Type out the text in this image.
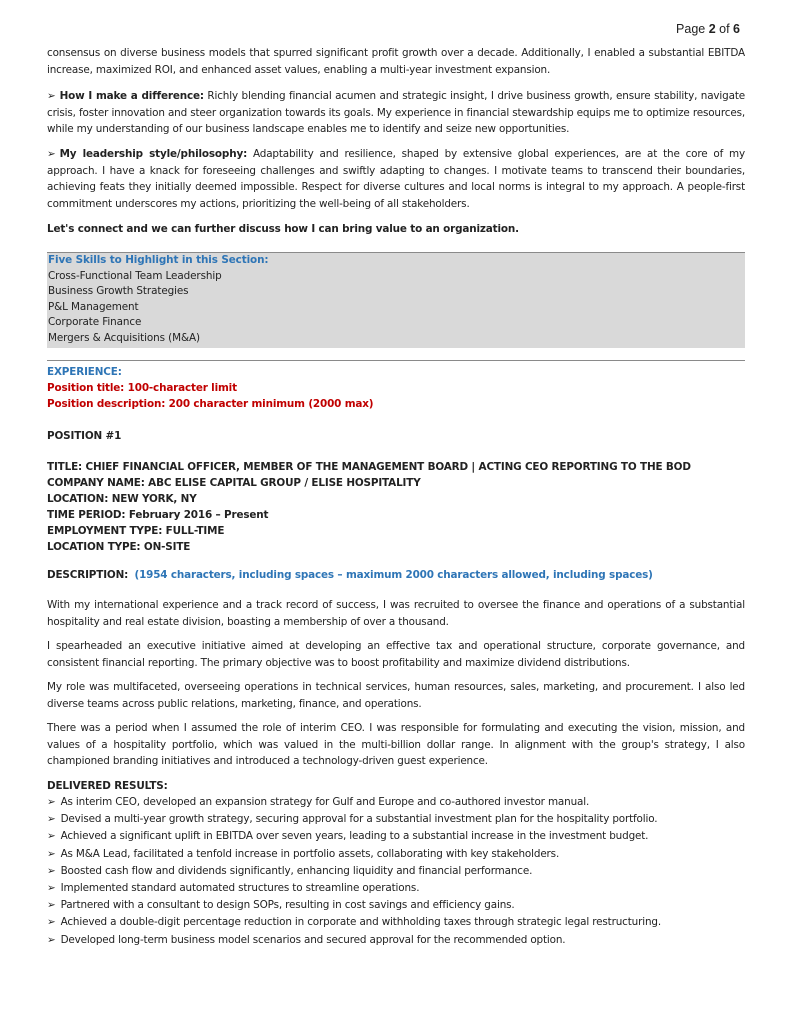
Page 2 of 6

consensus on diverse business models that spurred significant profit growth over a decade. Additionally, I enabled a substantial EBITDA increase, maximized ROI, and enhanced asset values, enabling a multi-year investment expansion.

➢ How I make a difference: Richly blending financial acumen and strategic insight, I drive business growth, ensure stability, navigate crisis, foster innovation and steer organization towards its goals. My experience in financial stewardship equips me to optimize resources, while my understanding of our business landscape enables me to identify and seize new opportunities.

➢ My leadership style/philosophy: Adaptability and resilience, shaped by extensive global experiences, are at the core of my approach. I have a knack for foreseeing challenges and swiftly adapting to changes. I motivate teams to transcend their boundaries, achieving feats they initially deemed impossible. Respect for diverse cultures and local norms is integral to my approach. A people-first commitment underscores my actions, prioritizing the well-being of all stakeholders.

Let's connect and we can further discuss how I can bring value to an organization.

Five Skills to Highlight in this Section:
Cross-Functional Team Leadership
Business Growth Strategies
P&L Management
Corporate Finance
Mergers & Acquisitions (M&A)

EXPERIENCE:

Position title: 100-character limit

Position description: 200 character minimum (2000 max)

POSITION #1

TITLE: CHIEF FINANCIAL OFFICER, MEMBER OF THE MANAGEMENT BOARD | ACTING CEO REPORTING TO THE BOD

COMPANY NAME: ABC ELISE CAPITAL GROUP / ELISE HOSPITALITY

LOCATION: NEW YORK, NY

TIME PERIOD: February 2016 – Present

EMPLOYMENT TYPE: FULL-TIME

LOCATION TYPE: ON-SITE

DESCRIPTION: (1954 characters, including spaces – maximum 2000 characters allowed, including spaces)

With my international experience and a track record of success, I was recruited to oversee the finance and operations of a substantial hospitality and real estate division, boasting a membership of over a thousand.

I spearheaded an executive initiative aimed at developing an effective tax and operational structure, corporate governance, and consistent financial reporting. The primary objective was to boost profitability and maximize dividend distributions.

My role was multifaceted, overseeing operations in technical services, human resources, sales, marketing, and procurement. I also led diverse teams across public relations, marketing, finance, and operations.

There was a period when I assumed the role of interim CEO. I was responsible for formulating and executing the vision, mission, and values of a hospitality portfolio, which was valued in the multi-billion dollar range. In alignment with the group's strategy, I also championed branding initiatives and introduced a technology-driven guest experience.

DELIVERED RESULTS:

➢ As interim CEO, developed an expansion strategy for Gulf and Europe and co-authored investor manual.
➢ Devised a multi-year growth strategy, securing approval for a substantial investment plan for the hospitality portfolio.
➢ Achieved a significant uplift in EBITDA over seven years, leading to a substantial increase in the investment budget.
➢ As M&A Lead, facilitated a tenfold increase in portfolio assets, collaborating with key stakeholders.
➢ Boosted cash flow and dividends significantly, enhancing liquidity and financial performance.
➢ Implemented standard automated structures to streamline operations.
➢ Partnered with a consultant to design SOPs, resulting in cost savings and efficiency gains.
➢ Achieved a double-digit percentage reduction in corporate and withholding taxes through strategic legal restructuring.
➢ Developed long-term business model scenarios and secured approval for the recommended option.
